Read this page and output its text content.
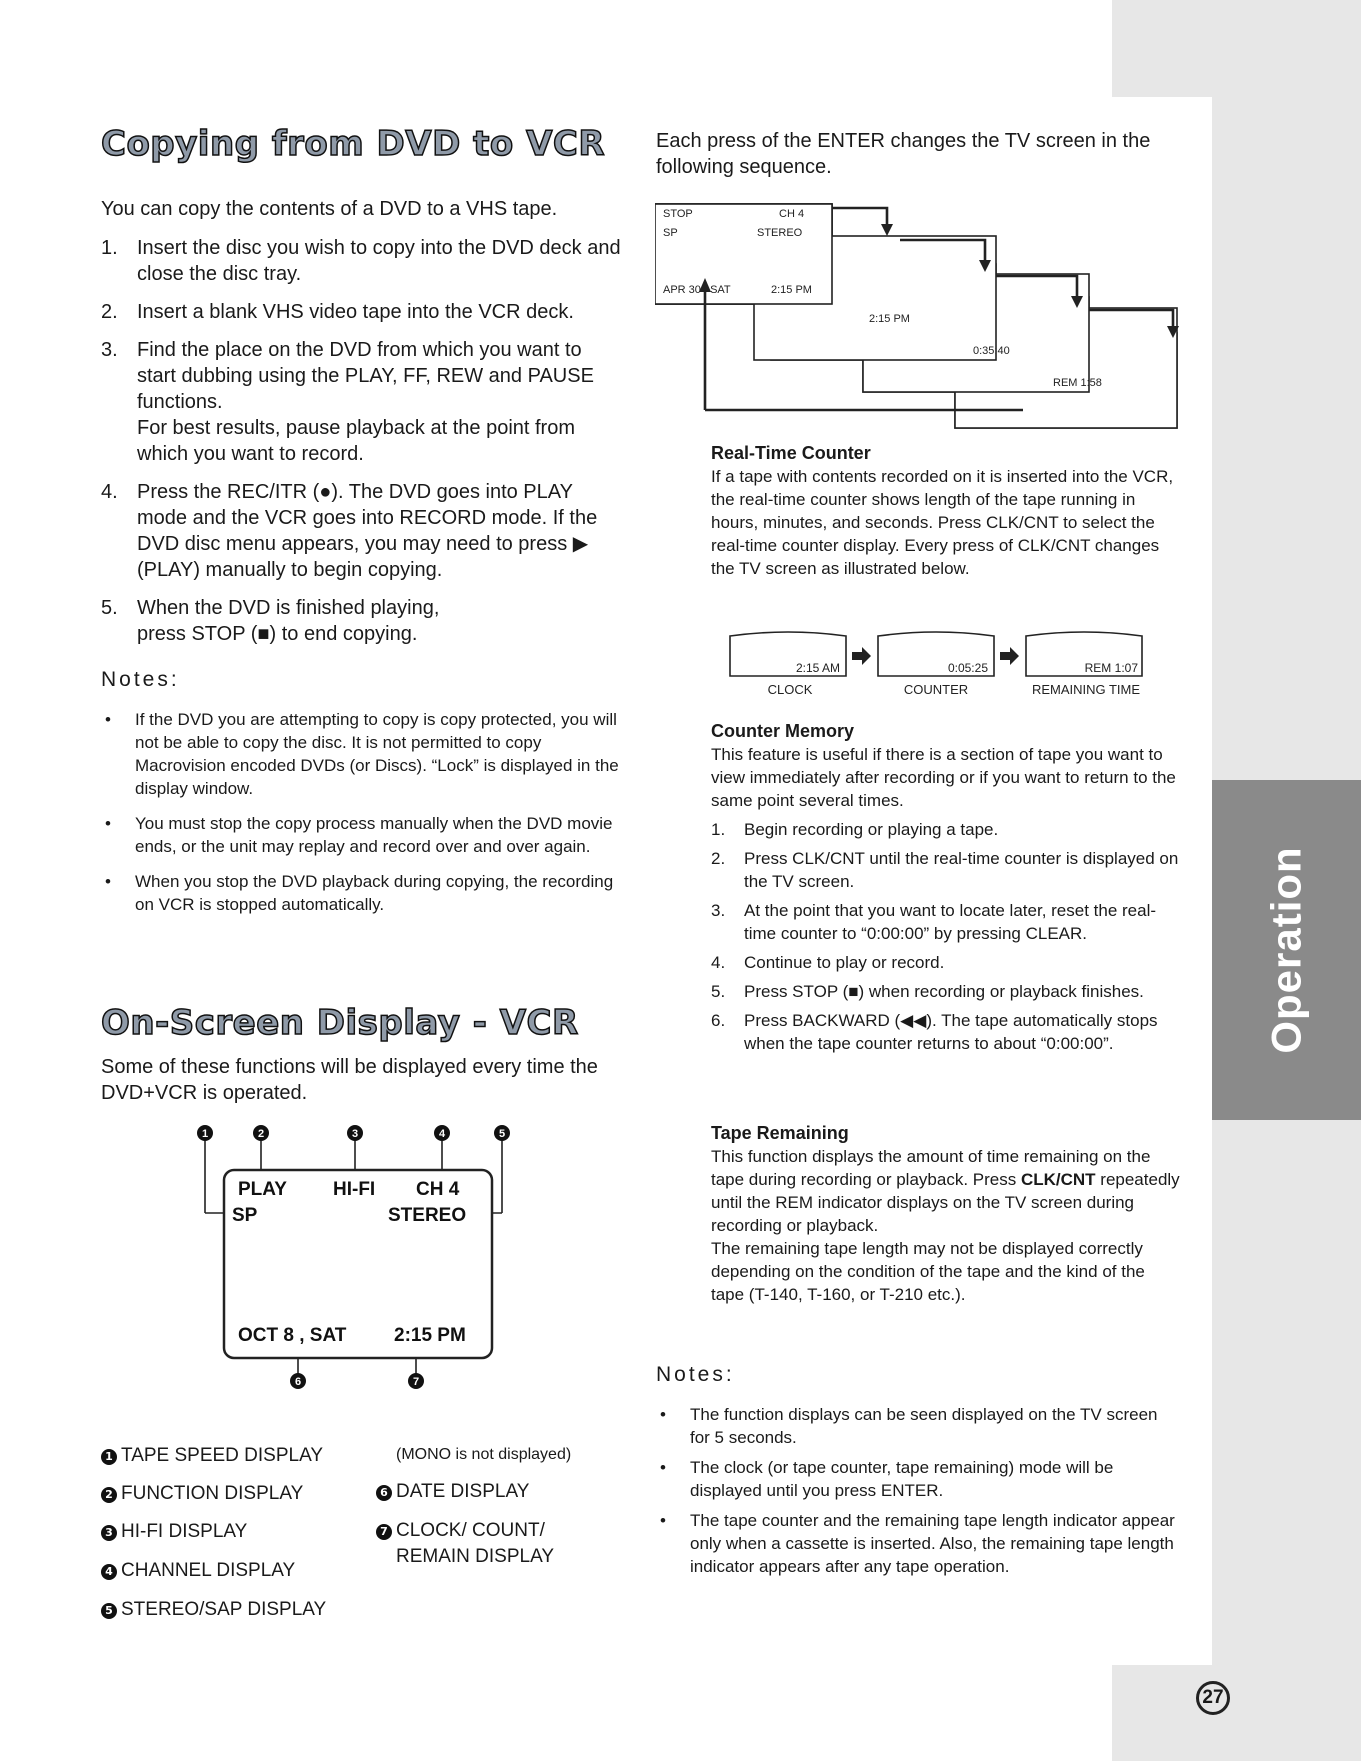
Operation
27
Copying from DVD to VCR
You can copy the contents of a DVD to a VHS tape.
1. Insert the disc you wish to copy into the DVD deck and close the disc tray.
2. Insert a blank VHS video tape into the VCR deck.
3. Find the place on the DVD from which you want to start dubbing using the PLAY, FF, REW and PAUSE functions.
For best results, pause playback at the point from which you want to record.
4. Press the REC/ITR (●). The DVD goes into PLAY mode and the VCR goes into RECORD mode. If the DVD disc menu appears, you may need to press ▶ (PLAY) manually to begin copying.
5. When the DVD is finished playing,
press STOP (■) to end copying.
Notes:
• If the DVD you are attempting to copy is copy protected, you will not be able to copy the disc. It is not permitted to copy Macrovision encoded DVDs (or Discs). “Lock” is displayed in the display window.
• You must stop the copy process manually when the DVD movie ends, or the unit may replay and record over and over again.
• When you stop the DVD playback during copying, the recording on VCR is stopped automatically.
On-Screen Display - VCR
Some of these functions will be displayed every time the DVD+VCR is operated.
1	2	3	4	5
6	7
PLAY HI-FI CH 4
SP	STEREO
OCT 8 , SAT	2:15 PM
1 TAPE SPEED DISPLAY
2 FUNCTION DISPLAY
3 HI-FI DISPLAY
4 CHANNEL DISPLAY
5 STEREO/SAP DISPLAY
(MONO is not displayed)
6 DATE DISPLAY
7 CLOCK/ COUNT/
REMAIN DISPLAY
Each press of the ENTER changes the TV screen in the following sequence.
STOP	CH 4
SP	STEREO
APR 30 , SAT	2:15 PM
2:15 PM
0:35:40
REM 1:58
Real-Time Counter
If a tape with contents recorded on it is inserted into the VCR, the real-time counter shows length of the tape running in hours, minutes, and seconds. Press CLK/CNT to select the real-time counter display. Every press of CLK/CNT changes the TV screen as illustrated below.
2:15 AM	0:05:25	REM 1:07
CLOCK	COUNTER	REMAINING TIME
Counter Memory
This feature is useful if there is a section of tape you want to view immediately after recording or if you want to return to the same point several times.
1. Begin recording or playing a tape.
2. Press CLK/CNT until the real-time counter is displayed on the TV screen.
3. At the point that you want to locate later, reset the real-time counter to “0:00:00” by pressing CLEAR.
4. Continue to play or record.
5. Press STOP (■) when recording or playback finishes.
6. Press BACKWARD (◀◀). The tape automatically stops when the tape counter returns to about “0:00:00”.
Tape Remaining
This function displays the amount of time remaining on the tape during recording or playback. Press CLK/CNT repeatedly until the REM indicator displays on the TV screen during recording or playback.
The remaining tape length may not be displayed correctly depending on the condition of the tape and the kind of the tape (T-140, T-160, or T-210 etc.).
Notes:
• The function displays can be seen displayed on the TV screen for 5 seconds.
• The clock (or tape counter, tape remaining) mode will be displayed until you press ENTER.
• The tape counter and the remaining tape length indicator appear only when a cassette is inserted. Also, the remaining tape length indicator appears after any tape operation.
